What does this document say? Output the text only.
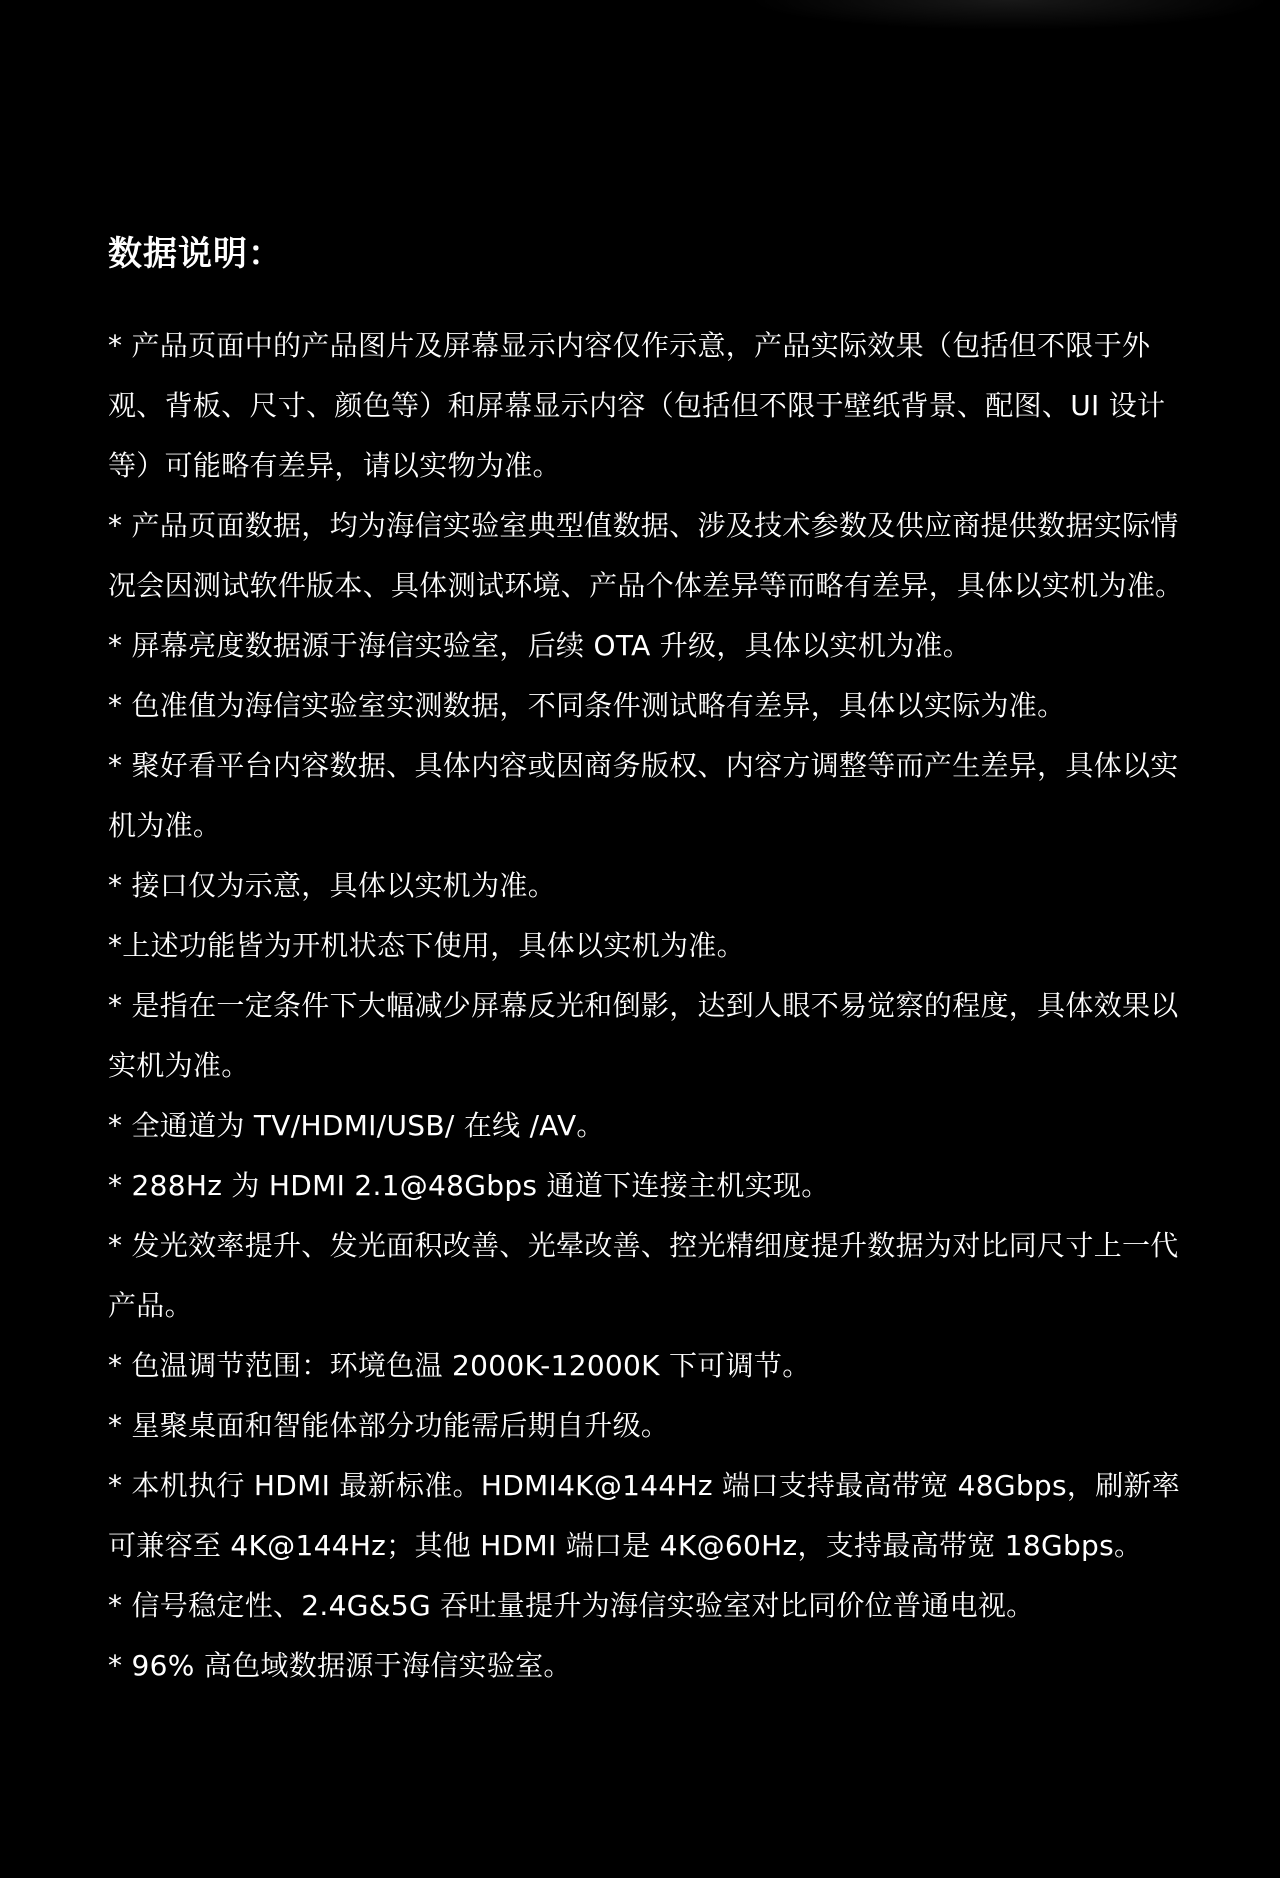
数据说明：
* 产品页面中的产品图片及屏幕显示内容仅作示意，产品实际效果（包括但不限于外观、背板、尺寸、颜色等）和屏幕显示内容（包括但不限于壁纸背景、配图、UI 设计等）可能略有差异，请以实物为准。
* 产品页面数据，均为海信实验室典型值数据、涉及技术参数及供应商提供数据实际情况会因测试软件版本、具体测试环境、产品个体差异等而略有差异，具体以实机为准。
* 屏幕亮度数据源于海信实验室，后续 OTA 升级，具体以实机为准。
* 色准值为海信实验室实测数据，不同条件测试略有差异，具体以实际为准。
* 聚好看平台内容数据、具体内容或因商务版权、内容方调整等而产生差异，具体以实机为准。
* 接口仅为示意，具体以实机为准。
*上述功能皆为开机状态下使用，具体以实机为准。
* 是指在一定条件下大幅减少屏幕反光和倒影，达到人眼不易觉察的程度，具体效果以实机为准。
* 全通道为 TV/HDMI/USB/ 在线 /AV。
* 288Hz 为 HDMI 2.1@48Gbps 通道下连接主机实现。
* 发光效率提升、发光面积改善、光晕改善、控光精细度提升数据为对比同尺寸上一代产品。
* 色温调节范围：环境色温 2000K-12000K 下可调节。
* 星聚桌面和智能体部分功能需后期自升级。
* 本机执行 HDMI 最新标准。HDMI4K@144Hz 端口支持最高带宽 48Gbps，刷新率可兼容至 4K@144Hz；其他 HDMI 端口是 4K@60Hz，支持最高带宽 18Gbps。
* 信号稳定性、2.4G&5G 吞吐量提升为海信实验室对比同价位普通电视。
* 96% 高色域数据源于海信实验室。
